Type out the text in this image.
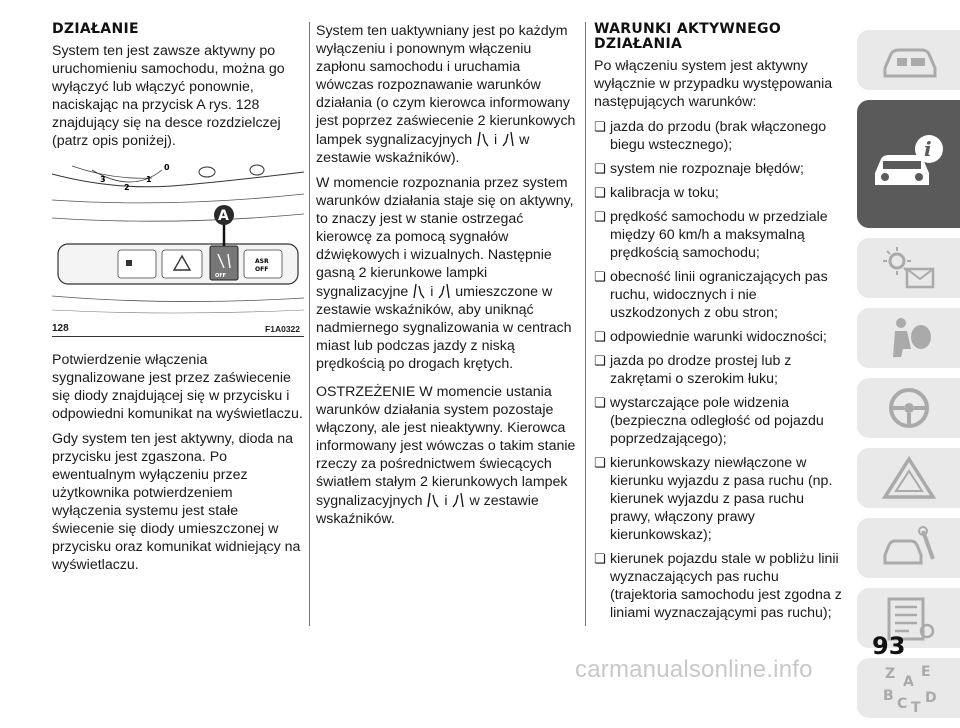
DZIAŁANIE

System ten jest zawsze aktywny po uruchomieniu samochodu, można go wyłączyć lub włączyć ponownie, naciskając na przycisk A rys. 128 znajdujący się na desce rozdzielczej (patrz opis poniżej).

3
2
1
0
OFF
ASR
OFF
A
128	F1A0322

Potwierdzenie włączenia sygnalizowane jest przez zaświecenie się diody znajdującej się w przycisku i odpowiedni komunikat na wyświetlaczu.

Gdy system ten jest aktywny, dioda na przycisku jest zgaszona. Po ewentualnym wyłączeniu przez użytkownika potwierdzeniem wyłączenia systemu jest stałe świecenie się diody umieszczonej w przycisku oraz komunikat widniejący na wyświetlaczu.

System ten uaktywniany jest po każdym wyłączeniu i ponownym włączeniu zapłonu samochodu i uruchamia wówczas rozpoznawanie warunków działania (o czym kierowca informowany jest poprzez zaświecenie 2 kierunkowych lampek sygnalizacyjnych i w zestawie wskaźników).

W momencie rozpoznania przez system warunków działania staje się on aktywny, to znaczy jest w stanie ostrzegać kierowcę za pomocą sygnałów dźwiękowych i wizualnych. Następnie gasną 2 kierunkowe lampki sygnalizacyjne i umieszczone w zestawie wskaźników, aby uniknąć nadmiernego sygnalizowania w centrach miast lub podczas jazdy z niską prędkością po drogach krętych.

OSTRZEŻENIE W momencie ustania warunków działania system pozostaje włączony, ale jest nieaktywny. Kierowca informowany jest wówczas o takim stanie rzeczy za pośrednictwem świecących światłem stałym 2 kierunkowych lampek sygnalizacyjnych i w zestawie wskaźników.

WARUNKI AKTYWNEGO
DZIAŁANIA

Po włączeniu system jest aktywny wyłącznie w przypadku występowania następujących warunków:

❏ jazda do przodu (brak włączonego biegu wstecznego);
❏ system nie rozpoznaje błędów;
❏ kalibracja w toku;
❏ prędkość samochodu w przedziale między 60 km/h a maksymalną prędkością samochodu;
❏ obecność linii ograniczających pas ruchu, widocznych i nie uszkodzonych z obu stron;
❏ odpowiednie warunki widoczności;
❏ jazda po drodze prostej lub z zakrętami o szerokim łuku;
❏ wystarczające pole widzenia (bezpieczna odległość od pojazdu poprzedzającego);
❏ kierunkowskazy niewłączone w kierunku wyjazdu z pasa ruchu (np. kierunek wyjazdu z pasa ruchu prawy, włączony prawy kierunkowskaz);
❏ kierunek pojazdu stale w pobliżu linii wyznaczających pas ruchu (trajektoria samochodu jest zgodna z liniami wyznaczającymi pas ruchu);
i
Z E
A
B C T
D
93
carmanualsonline.info
